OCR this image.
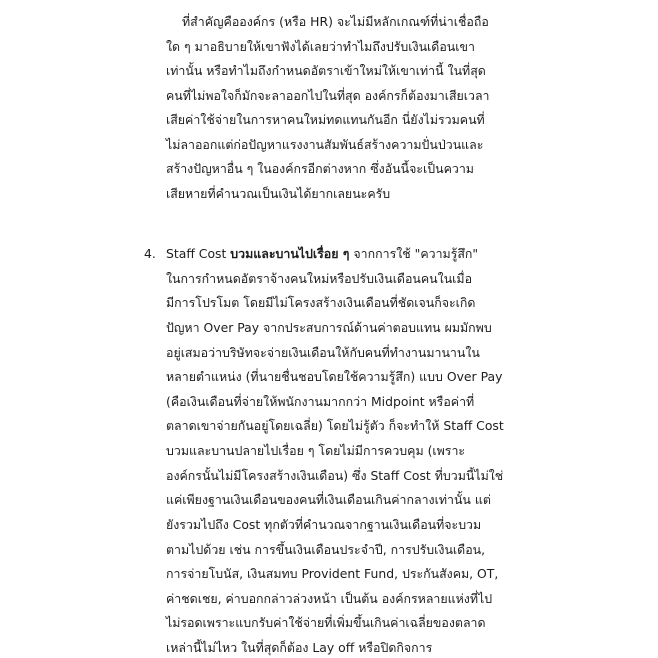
ที่สำคัญคือองค์กร (หรือ HR) จะไม่มีหลักเกณฑ์ที่น่าเชื่อถือ
ใด ๆ มาอธิบายให้เขาฟังได้เลยว่าทำไมถึงปรับเงินเดือนเขา
เท่านั้น หรือทำไมถึงกำหนดอัตราเข้าใหม่ให้เขาเท่านี้ ในที่สุด
คนที่ไม่พอใจก็มักจะลาออกไปในที่สุด องค์กรก็ต้องมาเสียเวลา
เสียค่าใช้จ่ายในการหาคนใหม่ทดแทนกันอีก นี่ยังไม่รวมคนที่
ไม่ลาออกแต่ก่อปัญหาแรงงานสัมพันธ์สร้างความปั่นป่วนและ
สร้างปัญหาอื่น ๆ ในองค์กรอีกต่างหาก ซึ่งอันนี้จะเป็นความ
เสียหายที่คำนวณเป็นเงินได้ยากเลยนะครับ
4. Staff Cost บวมและบานไปเรื่อย ๆ จากการใช้ "ความรู้สึก"
ในการกำหนดอัตราจ้างคนใหม่หรือปรับเงินเดือนคนในเมื่อ
มีการโปรโมต โดยมีไม่โครงสร้างเงินเดือนที่ชัดเจนก็จะเกิด
ปัญหา Over Pay จากประสบการณ์ด้านค่าตอบแทน ผมมักพบ
อยู่เสมอว่าบริษัทจะจ่ายเงินเดือนให้กับคนที่ทำงานมานานใน
หลายตำแหน่ง (ที่นายชื่นชอบโดยใช้ความรู้สึก) แบบ Over Pay
(คือเงินเดือนที่จ่ายให้พนักงานมากกว่า Midpoint หรือค่าที่
ตลาดเขาจ่ายกันอยู่โดยเฉลี่ย) โดยไม่รู้ตัว ก็จะทำให้ Staff Cost
บวมและบานปลายไปเรื่อย ๆ โดยไม่มีการควบคุม (เพราะ
องค์กรนั้นไม่มีโครงสร้างเงินเดือน) ซึ่ง Staff Cost ที่บวมนี้ไม่ใช่
แค่เพียงฐานเงินเดือนของคนที่เงินเดือนเกินค่ากลางเท่านั้น แต่
ยังรวมไปถึง Cost ทุกตัวที่คำนวณจากฐานเงินเดือนที่จะบวม
ตามไปด้วย เช่น การขึ้นเงินเดือนประจำปี, การปรับเงินเดือน,
การจ่ายโบนัส, เงินสมทบ Provident Fund, ประกันสังคม, OT,
ค่าชดเชย, ค่าบอกกล่าวล่วงหน้า เป็นต้น องค์กรหลายแห่งที่ไป
ไม่รอดเพราะแบกรับค่าใช้จ่ายที่เพิ่มขึ้นเกินค่าเฉลี่ยของตลาด
เหล่านี้ไม่ไหว ในที่สุดก็ต้อง Lay off หรือปิดกิจการ
